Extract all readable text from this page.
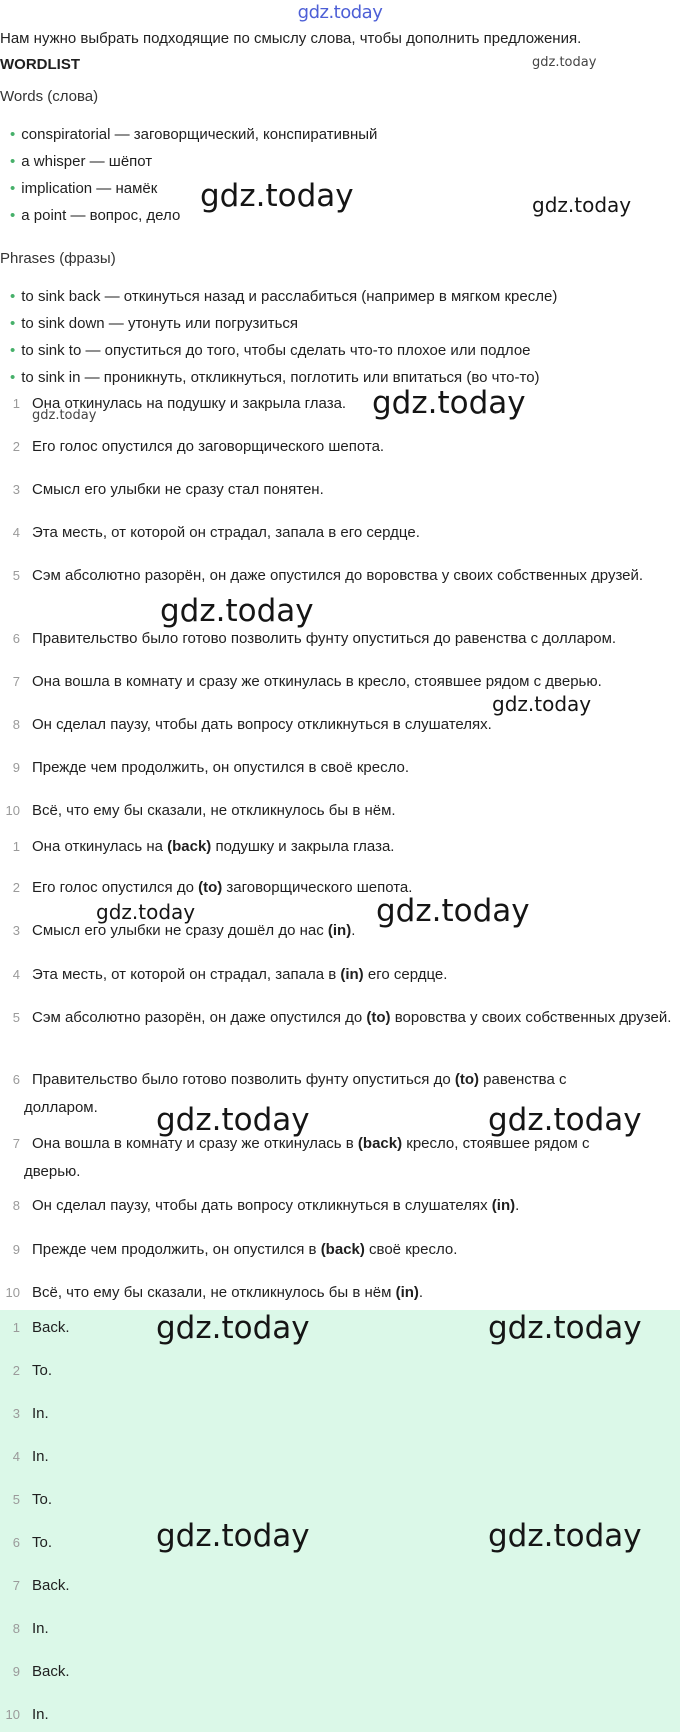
gdz.today
Нам нужно выбрать подходящие по смыслу слова, чтобы дополнить предложения.
WORDLIST
Words (слова)
• conspiratorial — заговорщический, конспиративный
• a whisper — шёпот
• implication — намёк
• a point — вопрос, дело
Phrases (фразы)
• to sink back — откинуться назад и расслабиться (например в мягком кресле)
• to sink down — утонуть или погрузиться
• to sink to — опуститься до того, чтобы сделать что-то плохое или подлое
• to sink in — проникнуть, откликнуться, поглотить или впитаться (во что-то)
1 Она откинулась на подушку и закрыла глаза.
2 Его голос опустился до заговорщического шепота.
3 Смысл его улыбки не сразу стал понятен.
4 Эта месть, от которой он страдал, запала в его сердце.
5 Сэм абсолютно разорён, он даже опустился до воровства у своих собственных друзей.
6 Правительство было готово позволить фунту опуститься до равенства с долларом.
7 Она вошла в комнату и сразу же откинулась в кресло, стоявшее рядом с дверью.
8 Он сделал паузу, чтобы дать вопросу откликнуться в слушателях.
9 Прежде чем продолжить, он опустился в своё кресло.
10 Всё, что ему бы сказали, не откликнулось бы в нём.
1 Она откинулась на (back) подушку и закрыла глаза.
2 Его голос опустился до (to) заговорщического шепота.
3 Смысл его улыбки не сразу дошёл до нас (in).
4 Эта месть, от которой он страдал, запала в (in) его сердце.
5 Сэм абсолютно разорён, он даже опустился до (to) воровства у своих собственных друзей.
6 Правительство было готово позволить фунту опуститься до (to) равенства с долларом.
7 Она вошла в комнату и сразу же откинулась в (back) кресло, стоявшее рядом с дверью.
8 Он сделал паузу, чтобы дать вопросу откликнуться в слушателях (in).
9 Прежде чем продолжить, он опустился в (back) своё кресло.
10 Всё, что ему бы сказали, не откликнулось бы в нём (in).
1 Back.
2 To.
3 In.
4 In.
5 To.
6 To.
7 Back.
8 In.
9 Back.
10 In.
gdz.today
gdz.today	gdz.today
gdz.today
gdz.today
gdz.today
gdz.today
gdz.today	gdz.today
gdz.today	gdz.today
gdz.today	gdz.today
gdz.today	gdz.today
